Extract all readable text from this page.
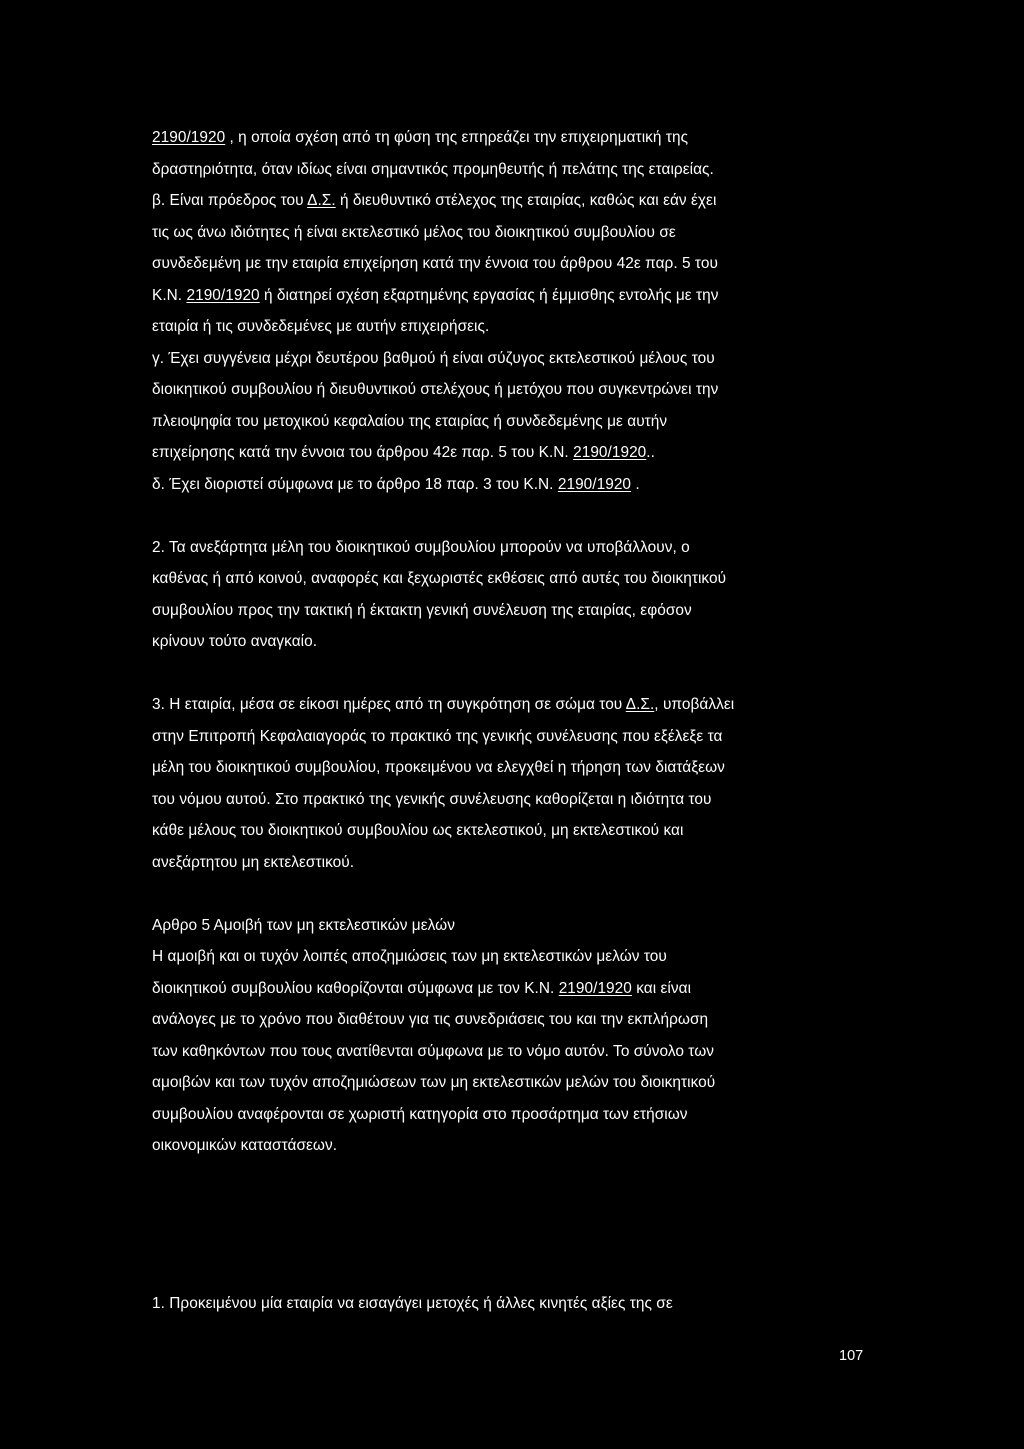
2190/1920 , η οποία σχέση από τη φύση της επηρεάζει την επιχειρηματική της
δραστηριότητα, όταν ιδίως είναι σημαντικός προμηθευτής ή πελάτης της εταιρείας.
β. Είναι πρόεδρος του Δ.Σ. ή διευθυντικό στέλεχος της εταιρίας, καθώς και εάν έχει
τις ως άνω ιδιότητες ή είναι εκτελεστικό μέλος του διοικητικού συμβουλίου σε
συνδεδεμένη με την εταιρία επιχείρηση κατά την έννοια του άρθρου 42ε παρ. 5 του
Κ.Ν. 2190/1920 ή διατηρεί σχέση εξαρτημένης εργασίας ή έμμισθης εντολής με την
εταιρία ή τις συνδεδεμένες με αυτήν επιχειρήσεις.
γ. Έχει συγγένεια μέχρι δευτέρου βαθμού ή είναι σύζυγος εκτελεστικού μέλους του
διοικητικού συμβουλίου ή διευθυντικού στελέχους ή μετόχου που συγκεντρώνει την
πλειοψηφία του μετοχικού κεφαλαίου της εταιρίας ή συνδεδεμένης με αυτήν
επιχείρησης κατά την έννοια του άρθρου 42ε παρ. 5 του Κ.Ν. 2190/1920..
δ. Έχει διοριστεί σύμφωνα με το άρθρο 18 παρ. 3 του Κ.Ν. 2190/1920 .
2. Τα ανεξάρτητα μέλη του διοικητικού συμβουλίου μπορούν να υποβάλλουν, ο
καθένας ή από κοινού, αναφορές και ξεχωριστές εκθέσεις από αυτές του διοικητικού
συμβουλίου προς την τακτική ή έκτακτη γενική συνέλευση της εταιρίας, εφόσον
κρίνουν τούτο αναγκαίο.
3. Η εταιρία, μέσα σε είκοσι ημέρες από τη συγκρότηση σε σώμα του Δ.Σ., υποβάλλει
στην Επιτροπή Κεφαλαιαγοράς το πρακτικό της γενικής συνέλευσης που εξέλεξε τα
μέλη του διοικητικού συμβουλίου, προκειμένου να ελεγχθεί η τήρηση των διατάξεων
του νόμου αυτού. Στο πρακτικό της γενικής συνέλευσης καθορίζεται η ιδιότητα του
κάθε μέλους του διοικητικού συμβουλίου ως εκτελεστικού, μη εκτελεστικού και
ανεξάρτητου μη εκτελεστικού.
Αρθρο 5 Αμοιβή των μη εκτελεστικών μελών
Η αμοιβή και οι τυχόν λοιπές αποζημιώσεις των μη εκτελεστικών μελών του
διοικητικού συμβουλίου καθορίζονται σύμφωνα με τον Κ.Ν. 2190/1920 και είναι
ανάλογες με το χρόνο που διαθέτουν για τις συνεδριάσεις του και την εκπλήρωση
των καθηκόντων που τους ανατίθενται σύμφωνα με το νόμο αυτόν. Το σύνολο των
αμοιβών και των τυχόν αποζημιώσεων των μη εκτελεστικών μελών του διοικητικού
συμβουλίου αναφέρονται σε χωριστή κατηγορία στο προσάρτημα των ετήσιων
οικονομικών καταστάσεων.
1. Προκειμένου μία εταιρία να εισαγάγει μετοχές ή άλλες κινητές αξίες της σε
107
